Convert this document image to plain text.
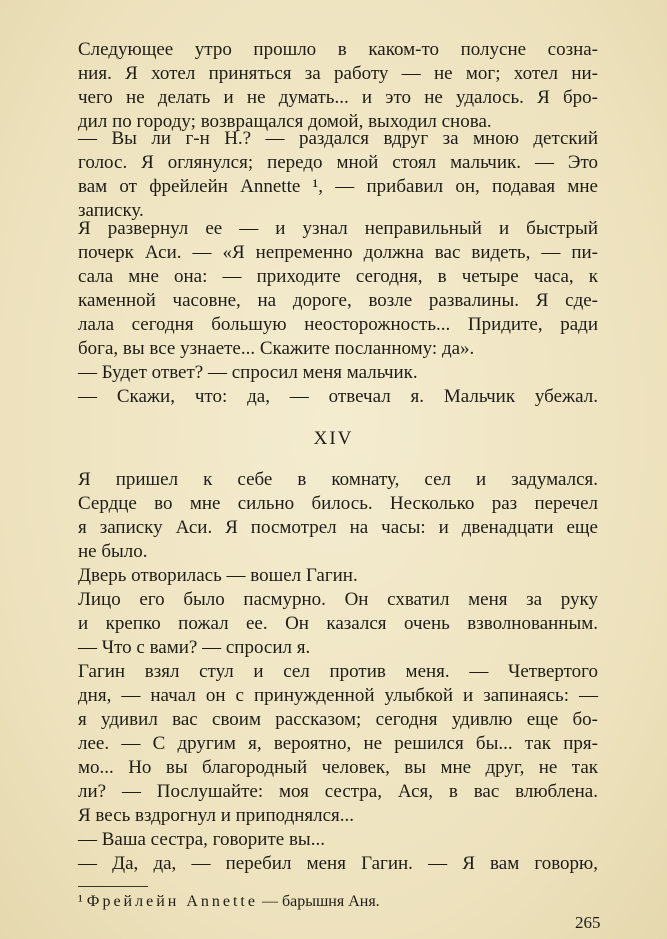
Следующее утро прошло в каком-то полусне созна-
ния. Я хотел приняться за работу — не мог; хотел ни-
чего не делать и не думать... и это не удалось. Я бро-
дил по городу; возвращался домой, выходил снова.
— Вы ли г-н Н.? — раздался вдруг за мною детский
голос. Я оглянулся; передо мной стоял мальчик. — Это
вам от фрейлейн Annette ¹, — прибавил он, подавая мне
записку.
Я развернул ее — и узнал неправильный и быстрый
почерк Аси. — «Я непременно должна вас видеть, — пи-
сала мне она: — приходите сегодня, в четыре часа, к
каменной часовне, на дороге, возле развалины. Я сде-
лала сегодня большую неосторожность... Придите, ради
бога, вы все узнаете... Скажите посланному: да».
— Будет ответ? — спросил меня мальчик.
— Скажи, что: да, — отвечал я. Мальчик убежал.
XIV
Я пришел к себе в комнату, сел и задумался.
Сердце во мне сильно билось. Несколько раз перечел
я записку Аси. Я посмотрел на часы: и двенадцати еще
не было.
Дверь отворилась — вошел Гагин.
Лицо его было пасмурно. Он схватил меня за руку
и крепко пожал ее. Он казался очень взволнованным.
— Что с вами? — спросил я.
Гагин взял стул и сел против меня. — Четвертого
дня, — начал он с принужденной улыбкой и запинаясь: —
я удивил вас своим рассказом; сегодня удивлю еще бо-
лее. — С другим я, вероятно, не решился бы... так пря-
мо... Но вы благородный человек, вы мне друг, не так
ли? — Послушайте: моя сестра, Ася, в вас влюблена.
Я весь вздрогнул и приподнялся...
— Ваша сестра, говорите вы...
— Да, да, — перебил меня Гагин. — Я вам говорю,
¹ Фрейлейн Annette — барышня Аня.
265
